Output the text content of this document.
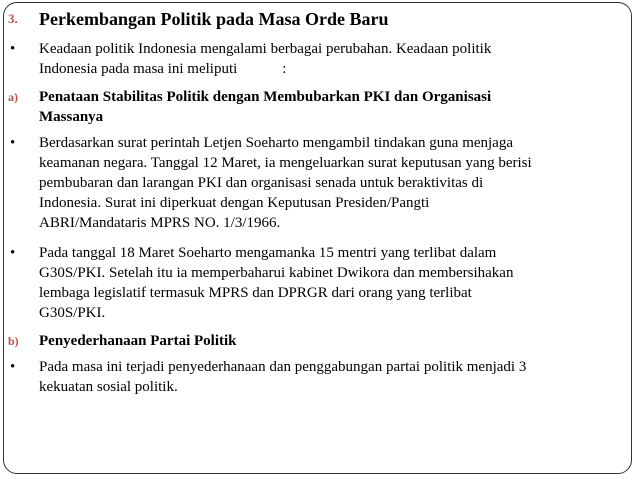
3. Perkembangan Politik pada Masa Orde Baru
• Keadaan politik Indonesia mengalami berbagai perubahan. Keadaan politik
Indonesia pada masa ini meliputi            :
a) Penataan Stabilitas Politik dengan Membubarkan PKI dan Organisasi
Massanya
• Berdasarkan surat perintah Letjen Soeharto mengambil tindakan guna menjaga
keamanan negara. Tanggal 12 Maret, ia mengeluarkan surat keputusan yang berisi
pembubaran dan larangan PKI dan organisasi senada untuk beraktivitas di
Indonesia. Surat ini diperkuat dengan Keputusan Presiden/Pangti
ABRI/Mandataris MPRS NO. 1/3/1966.
• Pada tanggal 18 Maret Soeharto mengamanka 15 mentri yang terlibat dalam
G30S/PKI. Setelah itu ia memperbaharui kabinet Dwikora dan membersihakan
lembaga legislatif termasuk MPRS dan DPRGR dari orang yang terlibat
G30S/PKI.
b) Penyederhanaan Partai Politik
• Pada masa ini terjadi penyederhanaan dan penggabungan partai politik menjadi 3
kekuatan sosial politik.
